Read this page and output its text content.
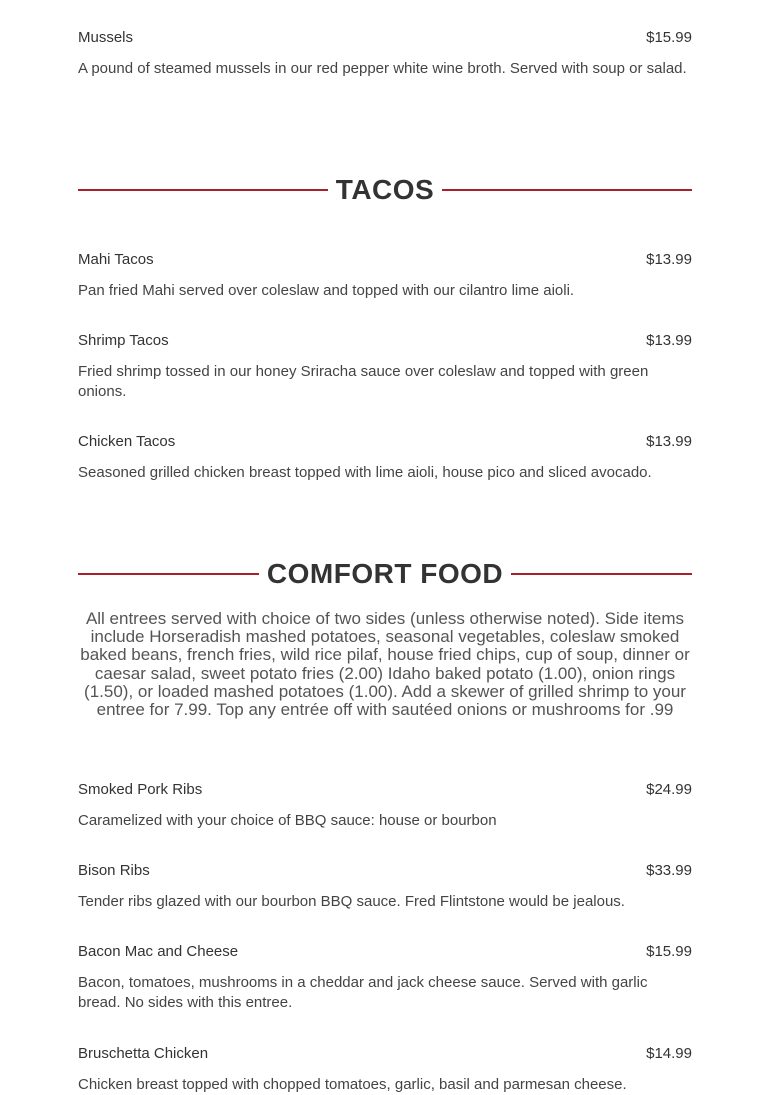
Mussels	$15.99
A pound of steamed mussels in our red pepper white wine broth. Served with soup or salad.
TACOS
Mahi Tacos	$13.99
Pan fried Mahi served over coleslaw and topped with our cilantro lime aioli.
Shrimp Tacos	$13.99
Fried shrimp tossed in our honey Sriracha sauce over coleslaw and topped with green onions.
Chicken Tacos	$13.99
Seasoned grilled chicken breast topped with lime aioli, house pico and sliced avocado.
COMFORT FOOD
All entrees served with choice of two sides (unless otherwise noted). Side items include Horseradish mashed potatoes, seasonal vegetables, coleslaw smoked baked beans, french fries, wild rice pilaf, house fried chips, cup of soup, dinner or caesar salad, sweet potato fries (2.00) Idaho baked potato (1.00), onion rings (1.50), or loaded mashed potatoes (1.00). Add a skewer of grilled shrimp to your entree for 7.99. Top any entrée off with sautéed onions or mushrooms for .99
Smoked Pork Ribs	$24.99
Caramelized with your choice of BBQ sauce: house or bourbon
Bison Ribs	$33.99
Tender ribs glazed with our bourbon BBQ sauce. Fred Flintstone would be jealous.
Bacon Mac and Cheese	$15.99
Bacon, tomatoes, mushrooms in a cheddar and jack cheese sauce. Served with garlic bread. No sides with this entree.
Bruschetta Chicken	$14.99
Chicken breast topped with chopped tomatoes, garlic, basil and parmesan cheese.
